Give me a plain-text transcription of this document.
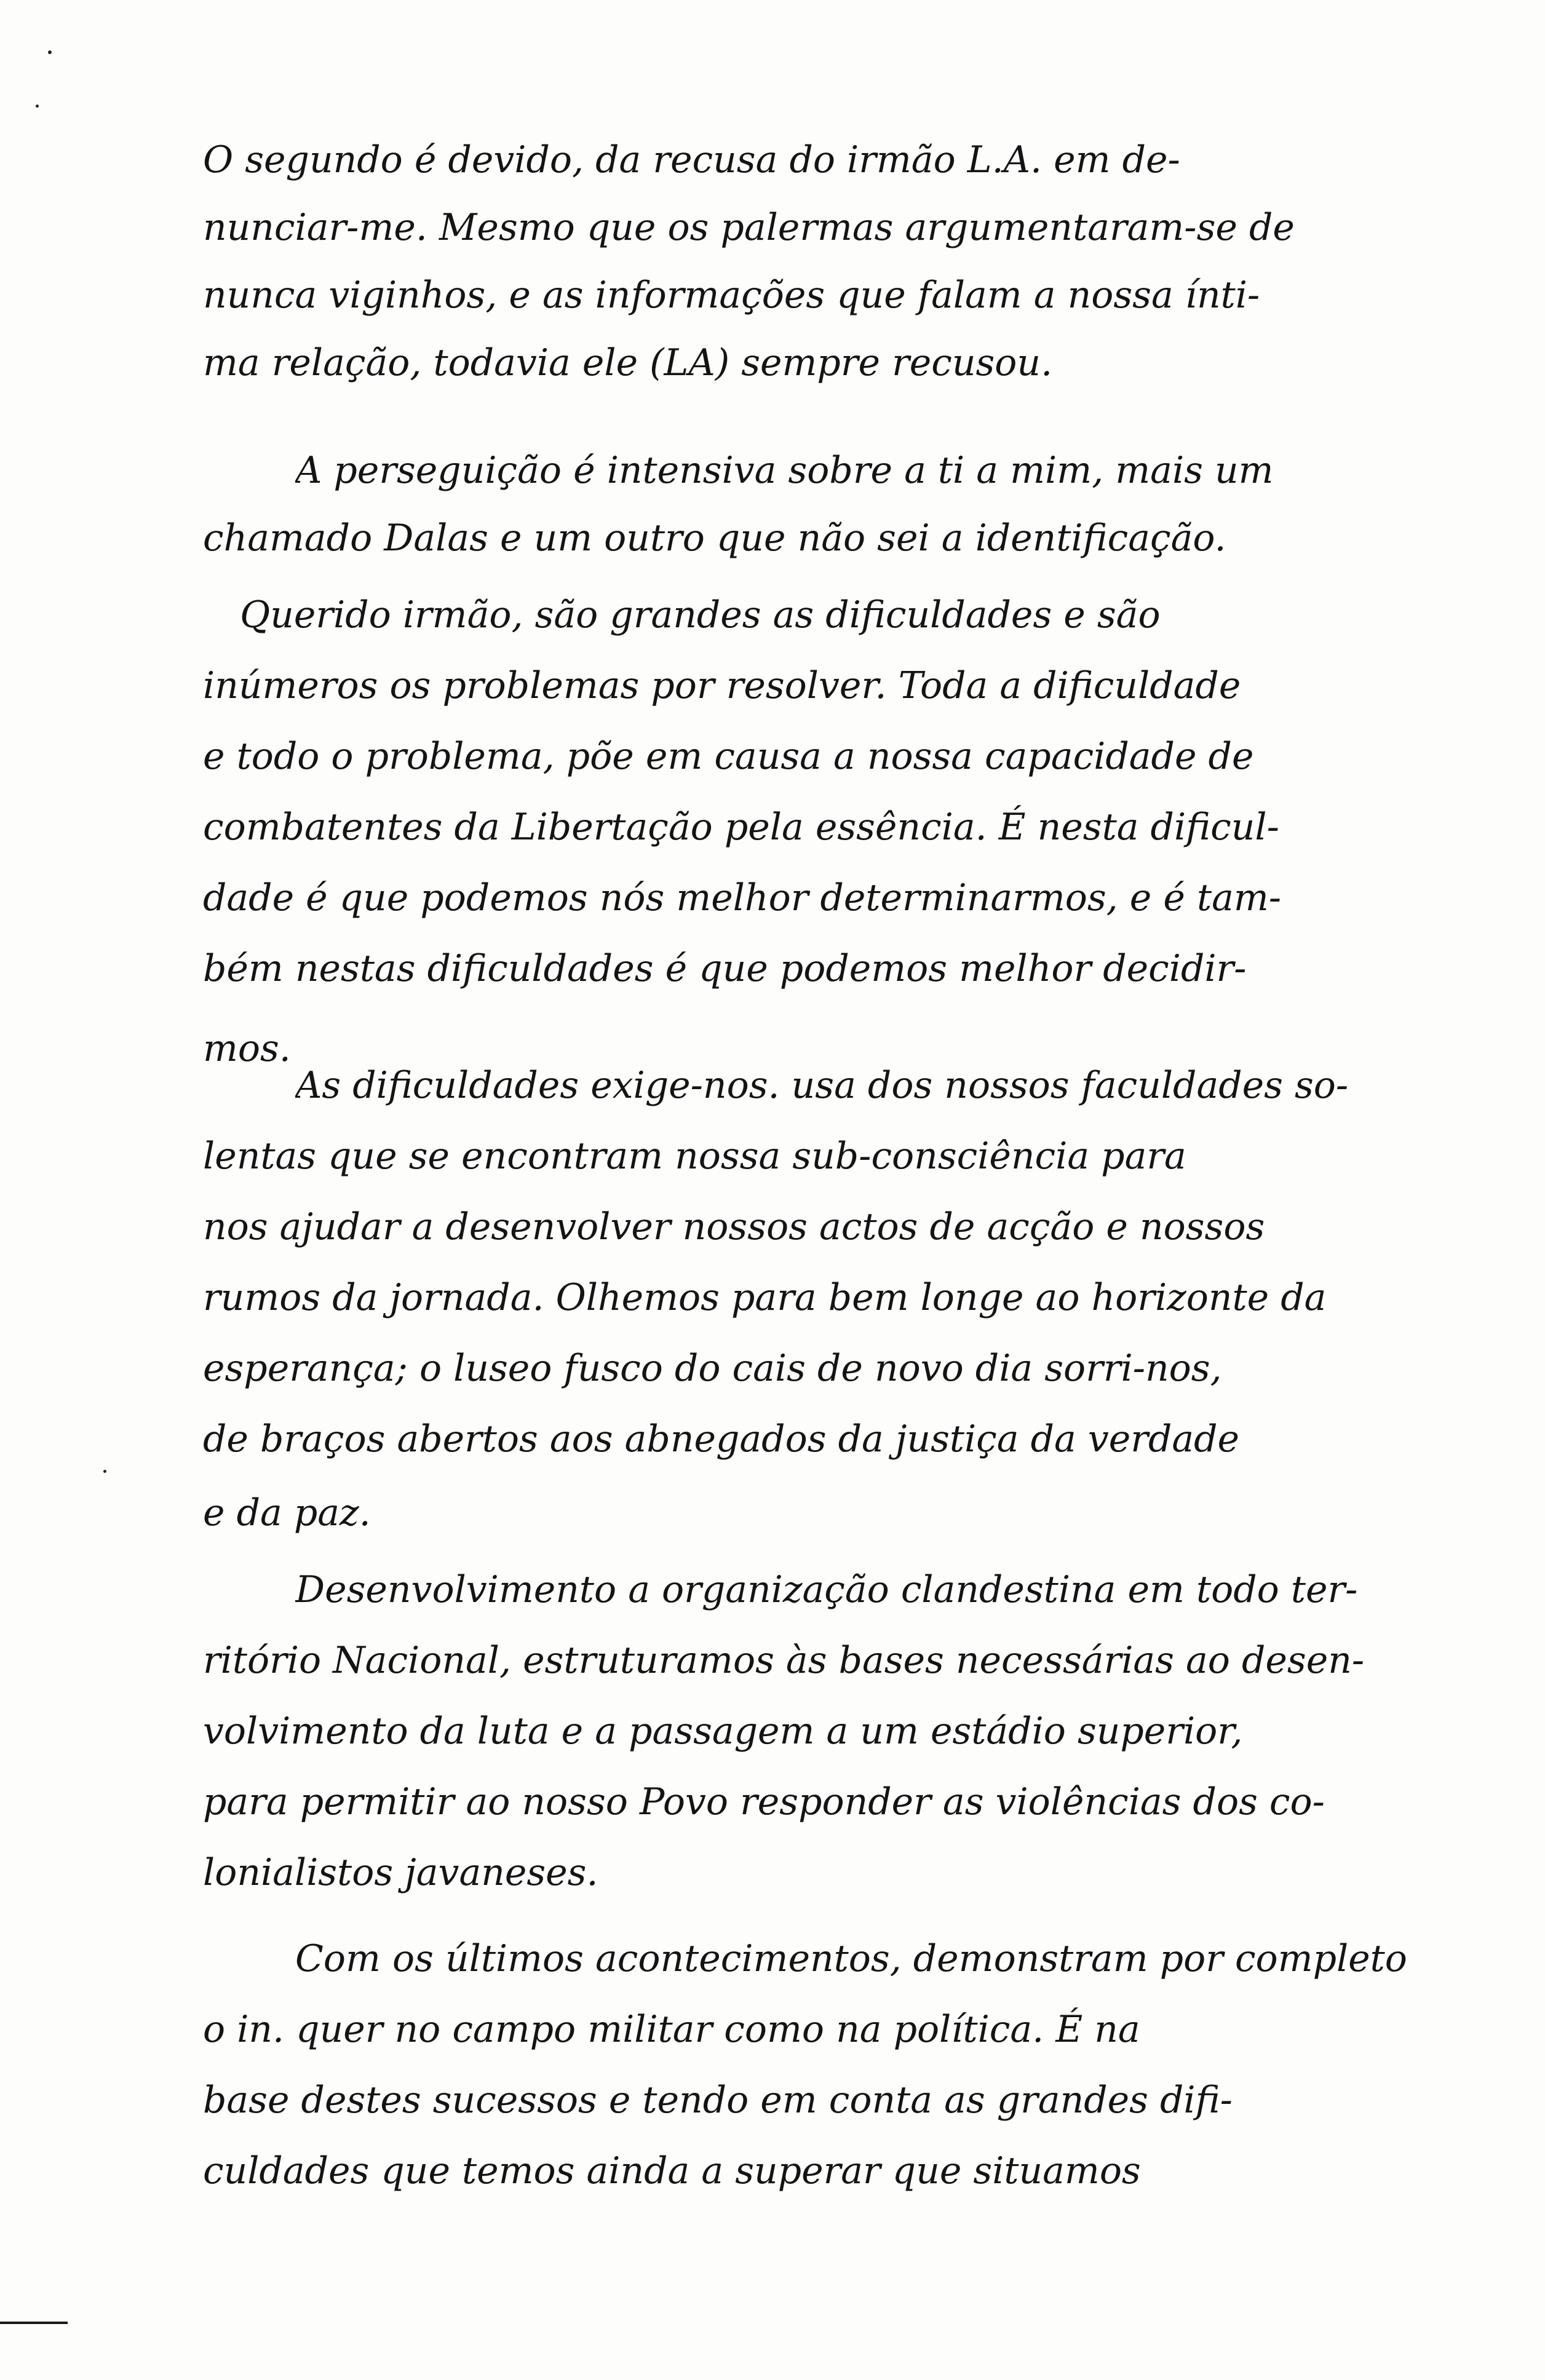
O segundo é devido, da recusa do irmão L.A. em de-
nunciar-me. Mesmo que os palermas argumentaram-se de
nunca viginhos, e as informações que falam a nossa ínti-
ma relação, todavia ele (LA) sempre recusou.
A perseguição é intensiva sobre a ti a mim, mais um
chamado Dalas e um outro que não sei a identificação.
Querido irmão, são grandes as dificuldades e são
inúmeros os problemas por resolver. Toda a dificuldade
e todo o problema, põe em causa a nossa capacidade de
combatentes da Libertação pela essência. É nesta dificul-
dade é que podemos nós melhor determinarmos, e é tam-
bém nestas dificuldades é que podemos melhor decidir-
mos.
As dificuldades exige-nos. usa dos nossos faculdades so-
lentas que se encontram nossa sub-consciência para
nos ajudar a desenvolver nossos actos de acção e nossos
rumos da jornada. Olhemos para bem longe ao horizonte da
esperança; o luseo fusco do cais de novo dia sorri-nos,
de braços abertos aos abnegados da justiça da verdade
e da paz.
Desenvolvimento a organização clandestina em todo ter-
ritório Nacional, estruturamos às bases necessárias ao desen-
volvimento da luta e a passagem a um estádio superior,
para permitir ao nosso Povo responder as violências dos co-
lonialistos javaneses.
Com os últimos acontecimentos, demonstram por completo
o in. quer no campo militar como na política. É na
base destes sucessos e tendo em conta as grandes difi-
culdades que temos ainda a superar que situamos
